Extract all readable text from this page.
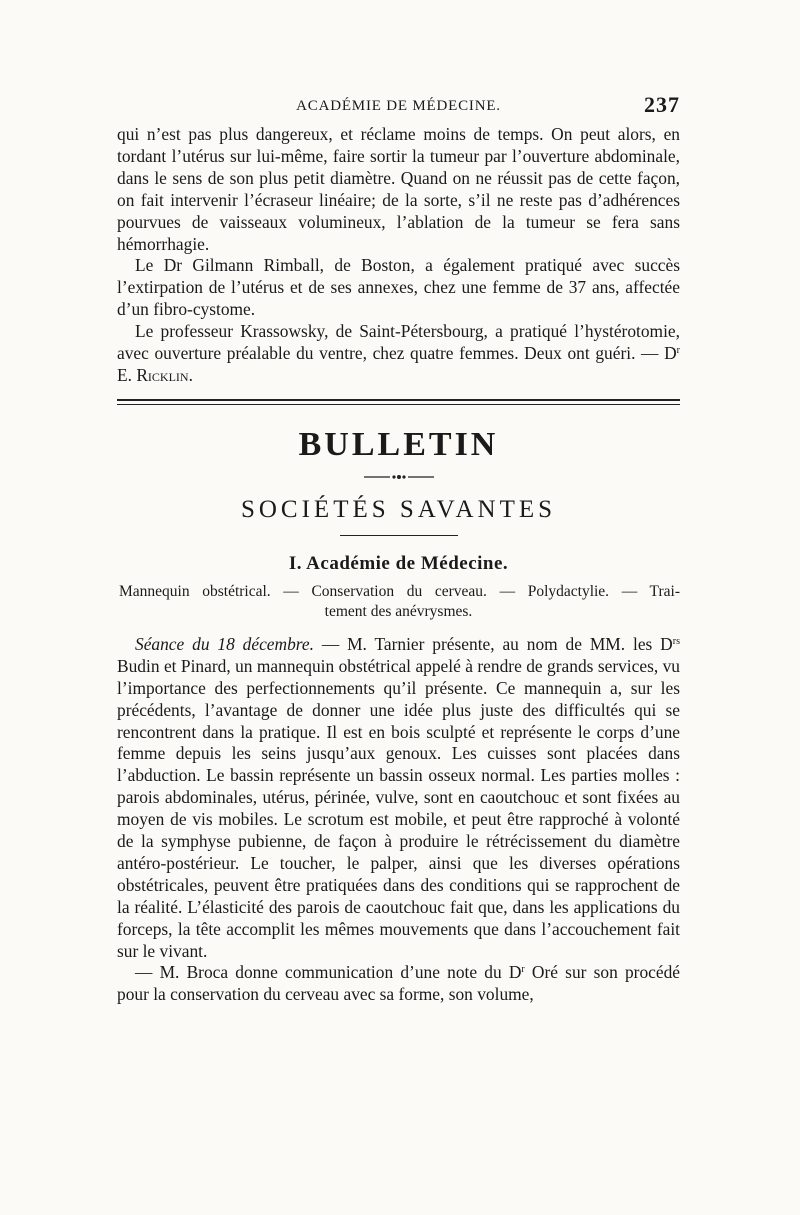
ACADÉMIE DE MÉDECINE.	237

qui n’est pas plus dangereux, et réclame moins de temps. On peut alors, en tordant l’utérus sur lui-même, faire sortir la tumeur par l’ouverture abdominale, dans le sens de son plus petit diamètre. Quand on ne réussit pas de cette façon, on fait intervenir l’écraseur linéaire; de la sorte, s’il ne reste pas d’adhérences pourvues de vaisseaux volumineux, l’ablation de la tumeur se fera sans hémorrhagie.

Le Dr Gilmann Rimball, de Boston, a également pratiqué avec succès l’extirpation de l’utérus et de ses annexes, chez une femme de 37 ans, affectée d’un fibro-cystome.

Le professeur Krassowsky, de Saint-Pétersbourg, a pratiqué l’hystérotomie, avec ouverture préalable du ventre, chez quatre femmes. Deux ont guéri. — $D^r$ E. Ricklin.

BULLETIN
SOCIÉTÉS SAVANTES
I. Académie de Médecine.
Mannequin obstétrical. — Conservation du cerveau. — Polydactylie. — Trai-
tement des anévrysmes.

Séance du 18 décembre. — M. Tarnier présente, au nom de MM. les $D^{rs}$ Budin et Pinard, un mannequin obstétrical appelé à rendre de grands services, vu l’importance des perfectionnements qu’il présente. Ce mannequin a, sur les précédents, l’avantage de donner une idée plus juste des difficultés qui se rencontrent dans la pratique. Il est en bois sculpté et représente le corps d’une femme depuis les seins jusqu’aux genoux. Les cuisses sont placées dans l’abduction. Le bassin représente un bassin osseux normal. Les parties molles : parois abdominales, utérus, périnée, vulve, sont en caoutchouc et sont fixées au moyen de vis mobiles. Le scrotum est mobile, et peut être rapproché à volonté de la symphyse pubienne, de façon à produire le rétrécissement du diamètre antéro-postérieur. Le toucher, le palper, ainsi que les diverses opérations obstétricales, peuvent être pratiquées dans des conditions qui se rapprochent de la réalité. L’élasticité des parois de caoutchouc fait que, dans les applications du forceps, la tête accomplit les mêmes mouvements que dans l’accouchement fait sur le vivant.

— M. Broca donne communication d’une note du $D^r$ Oré sur son procédé pour la conservation du cerveau avec sa forme, son volume,
